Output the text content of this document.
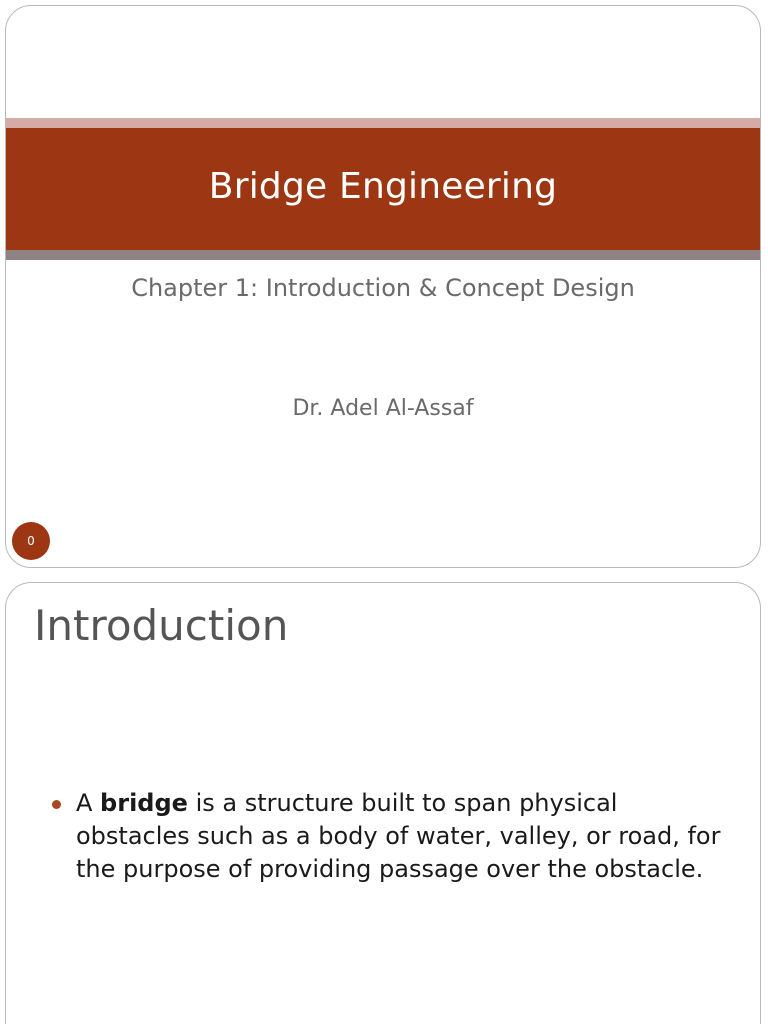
Bridge Engineering
Chapter 1: Introduction & Concept Design
Dr. Adel Al-Assaf
0
Introduction
A bridge is a structure built to span physical obstacles such as a body of water, valley, or road, for the purpose of providing passage over the obstacle.
